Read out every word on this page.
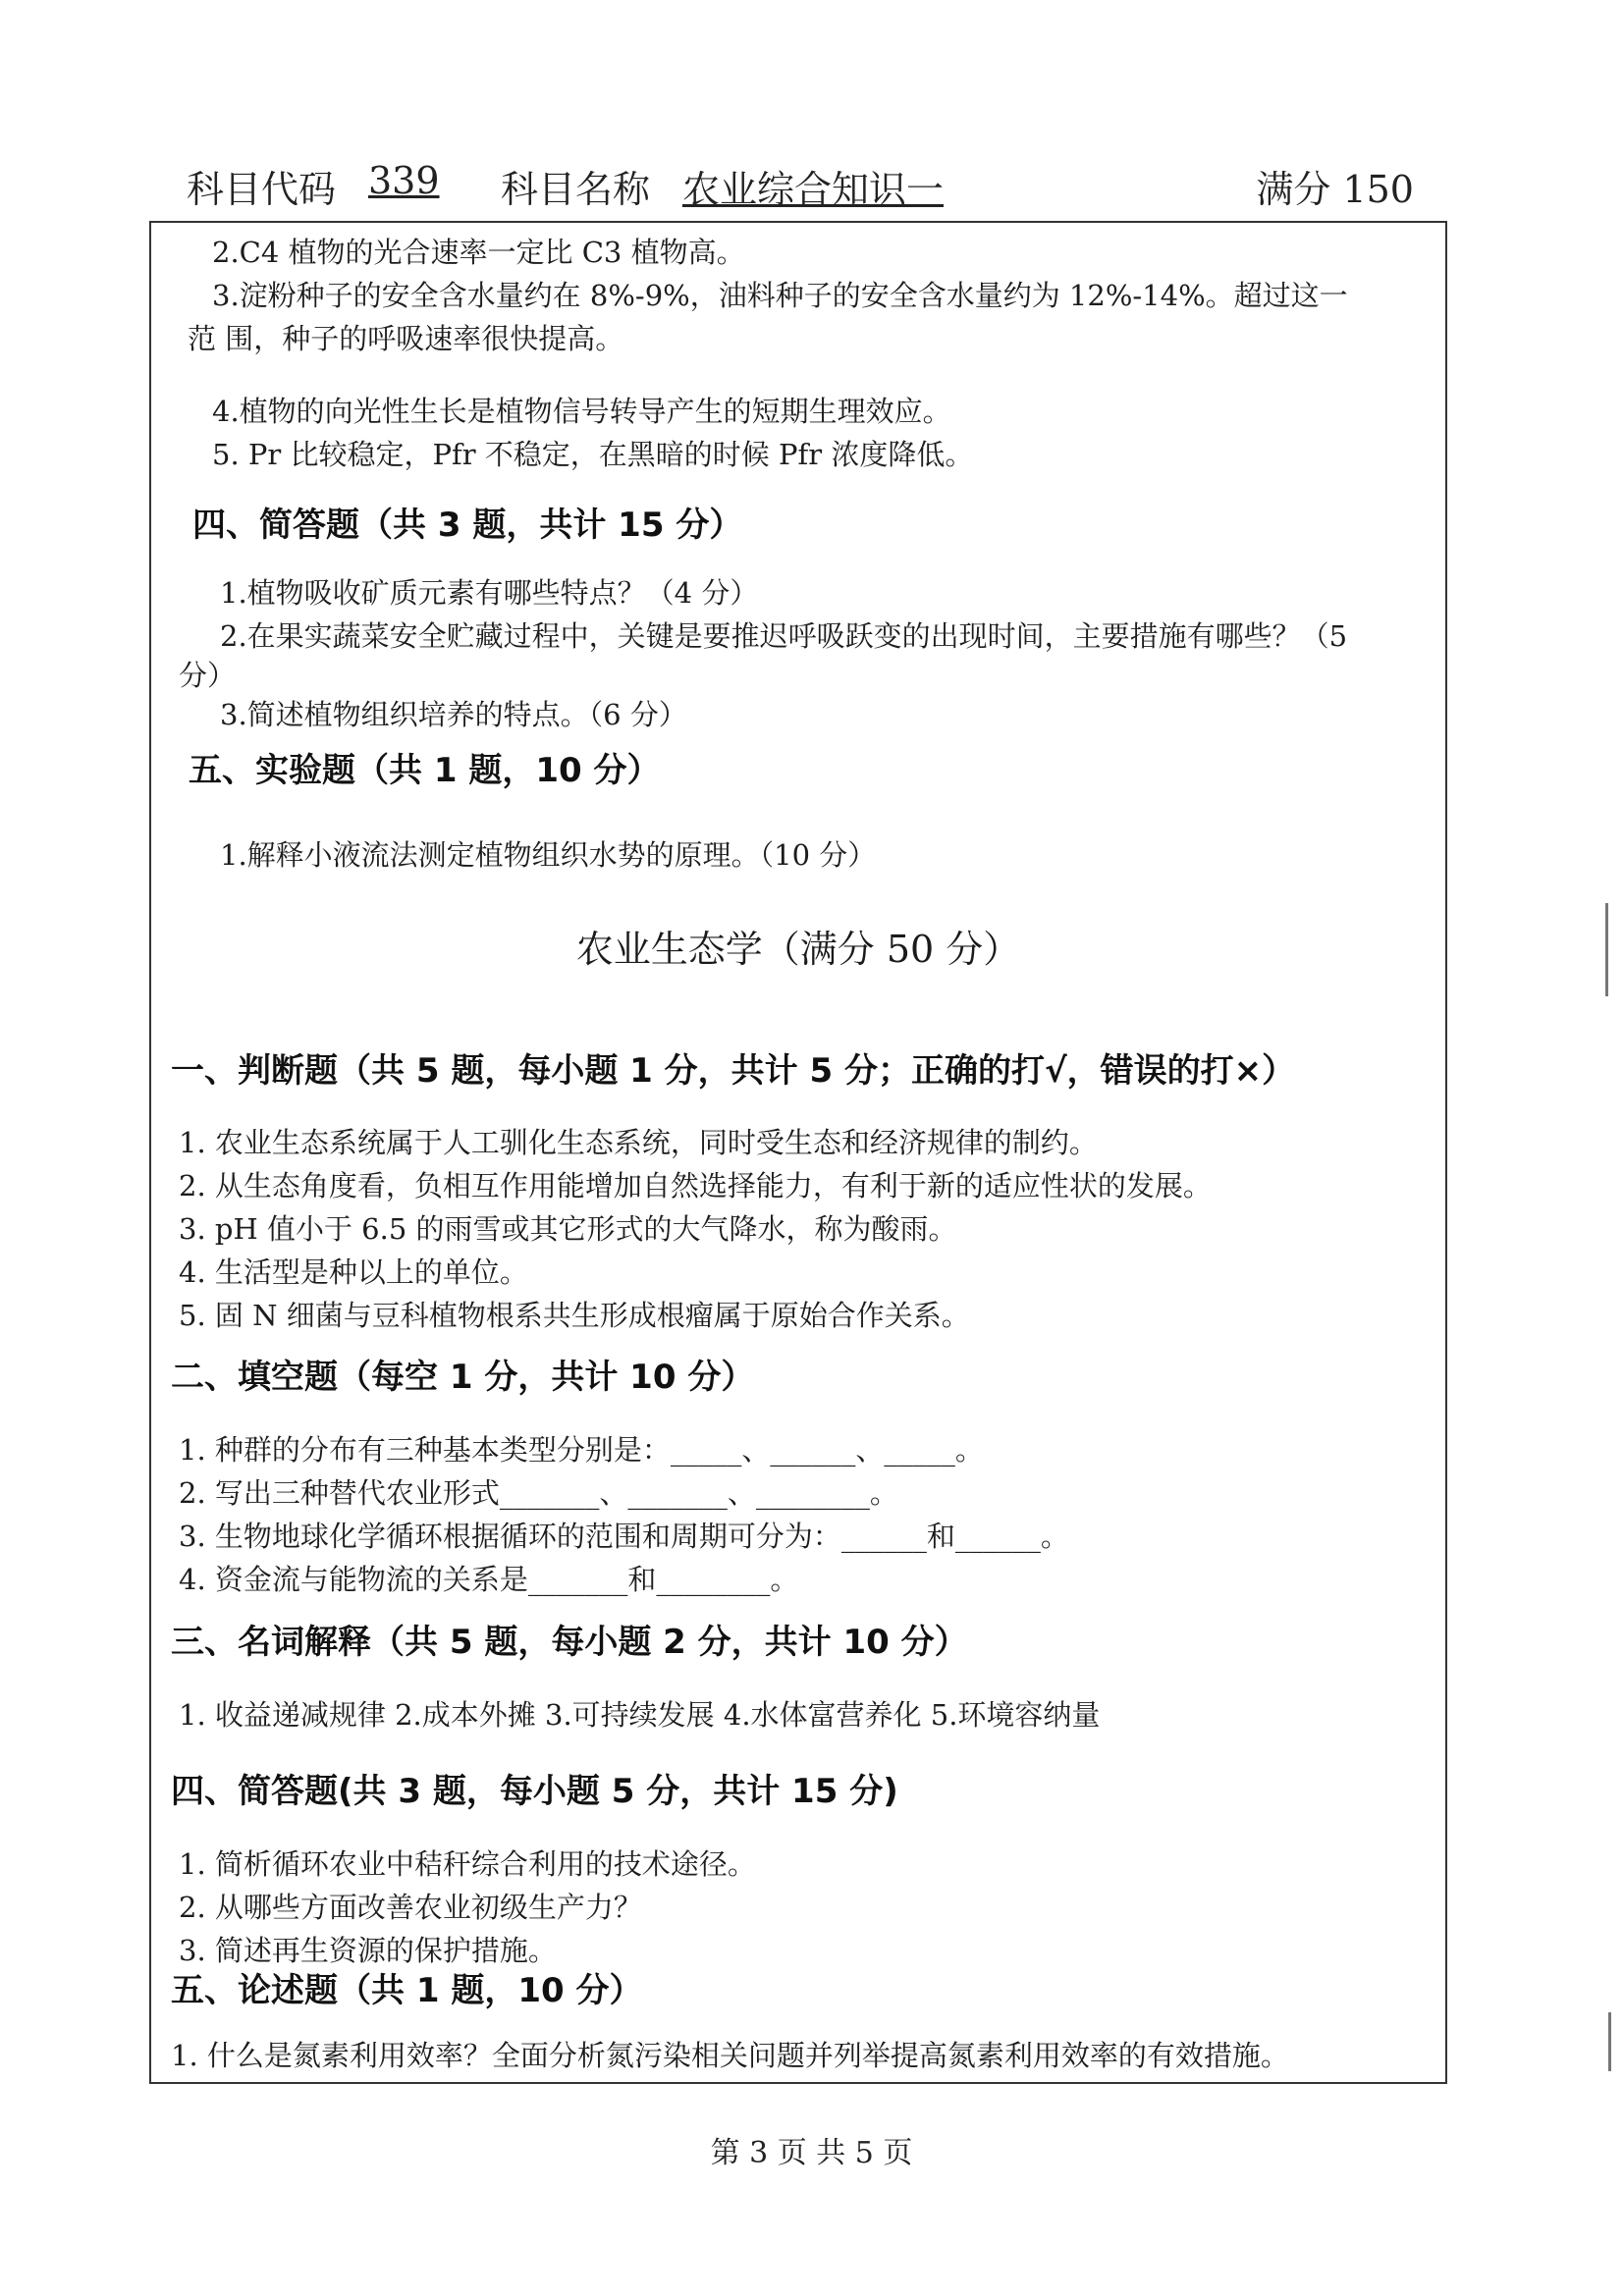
科目代码 339 科目名称 农业综合知识一	满分 150
2.C4 植物的光合速率一定比 C3 植物高。
3.淀粉种子的安全含水量约在 8%-9%，油料种子的安全含水量约为 12%-14%。超过这一
范 围，种子的呼吸速率很快提高。
4.植物的向光性生长是植物信号转导产生的短期生理效应。
5. Pr 比较稳定，Pfr 不稳定，在黑暗的时候 Pfr 浓度降低。
四、简答题（共 3 题，共计 15 分）
1.植物吸收矿质元素有哪些特点？（4 分）
2.在果实蔬菜安全贮藏过程中，关键是要推迟呼吸跃变的出现时间，主要措施有哪些？（5
分）
3.简述植物组织培养的特点。（6 分）
五、实验题（共 1 题，10 分）
1.解释小液流法测定植物组织水势的原理。（10 分）
农业生态学（满分 50 分）
一、判断题（共 5 题，每小题 1 分，共计 5 分；正确的打√，错误的打×）
1. 农业生态系统属于人工驯化生态系统，同时受生态和经济规律的制约。
2. 从生态角度看，负相互作用能增加自然选择能力，有利于新的适应性状的发展。
3. pH 值小于 6.5 的雨雪或其它形式的大气降水，称为酸雨。
4. 生活型是种以上的单位。
5. 固 N 细菌与豆科植物根系共生形成根瘤属于原始合作关系。
二、填空题（每空 1 分，共计 10 分）
1. 种群的分布有三种基本类型分别是：_____、______、_____。
2. 写出三种替代农业形式_______、_______、________。
3. 生物地球化学循环根据循环的范围和周期可分为：______和______。
4. 资金流与能物流的关系是_______和________。
三、名词解释（共 5 题，每小题 2 分，共计 10 分）
1. 收益递减规律 2.成本外摊 3.可持续发展 4.水体富营养化 5.环境容纳量
四、简答题(共 3 题，每小题 5 分，共计 15 分)
1. 简析循环农业中秸秆综合利用的技术途径。
2. 从哪些方面改善农业初级生产力？
3. 简述再生资源的保护措施。
五、论述题（共 1 题，10 分）
1. 什么是氮素利用效率？全面分析氮污染相关问题并列举提高氮素利用效率的有效措施。
第 3 页 共 5 页
